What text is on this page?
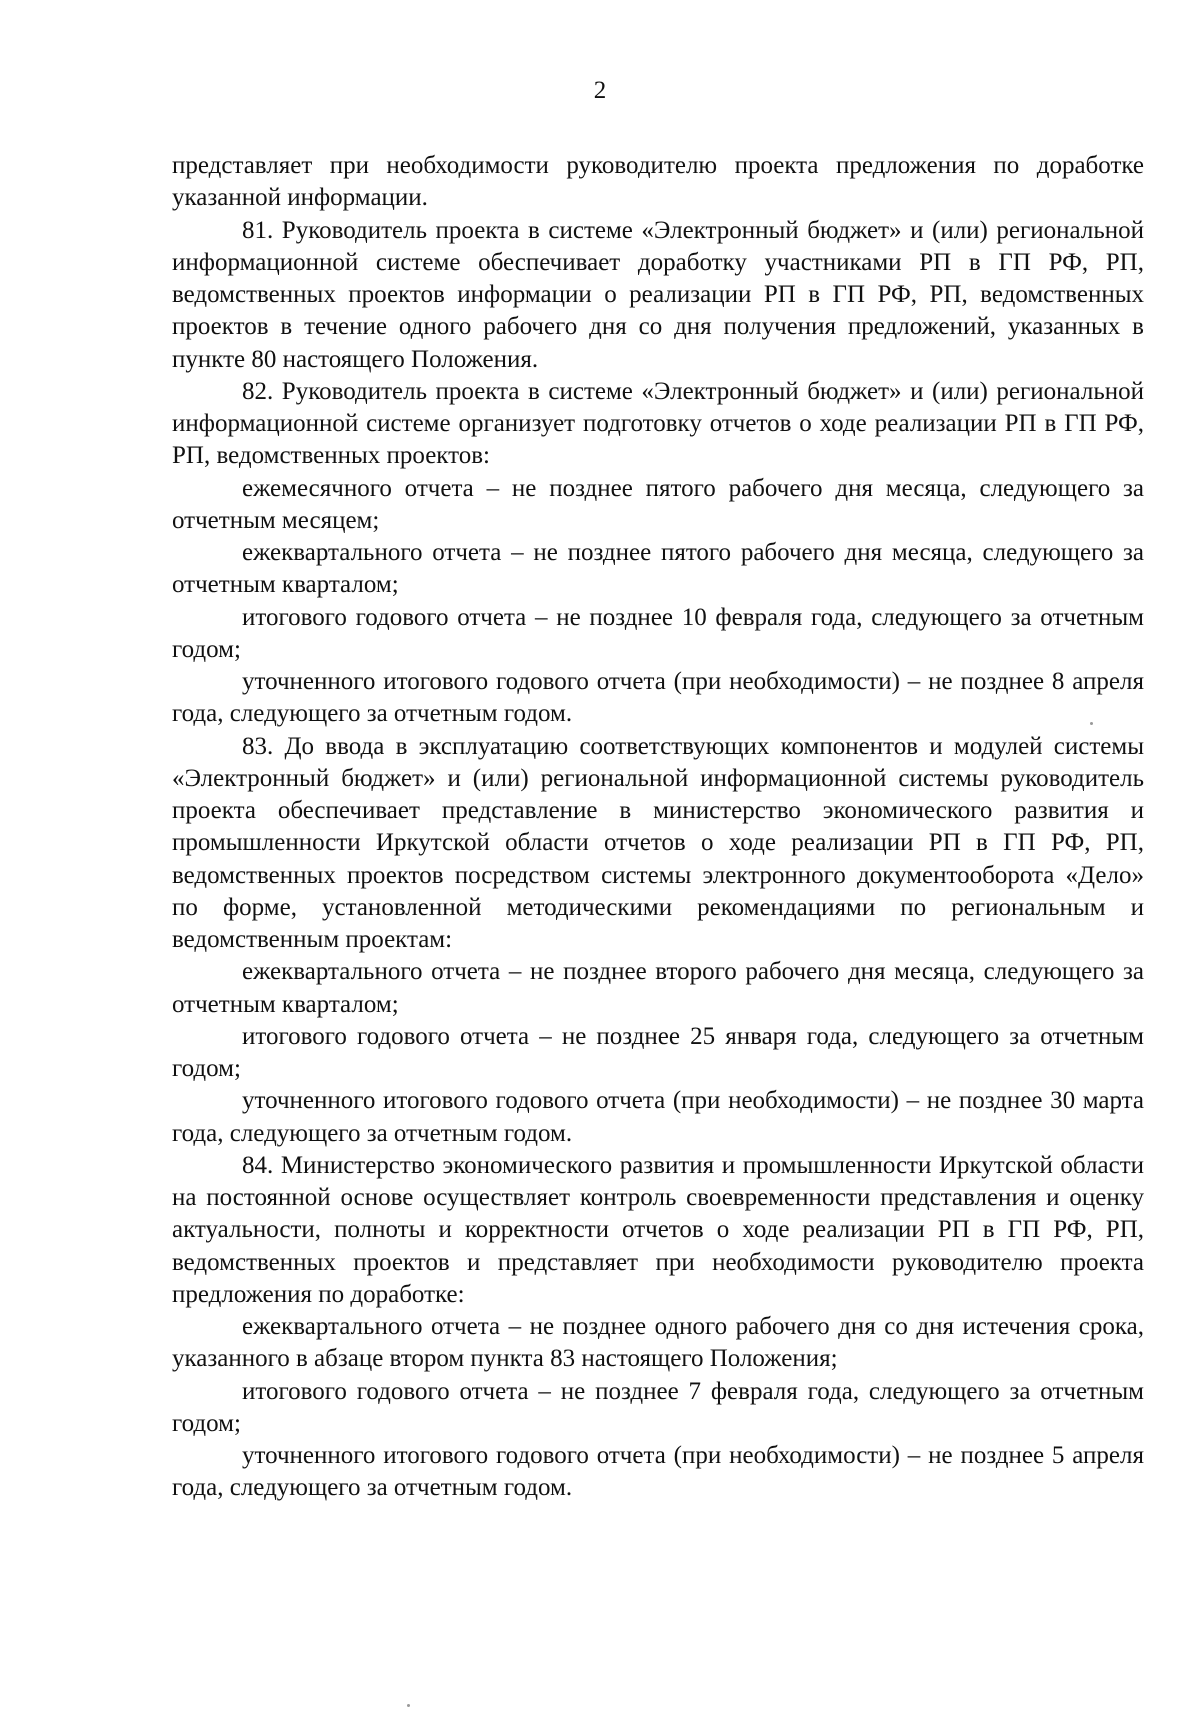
2

представляет при необходимости руководителю проекта предложения по доработке указанной информации.

81. Руководитель проекта в системе «Электронный бюджет» и (или) региональной информационной системе обеспечивает доработку участниками РП в ГП РФ, РП, ведомственных проектов информации о реализации РП в ГП РФ, РП, ведомственных проектов в течение одного рабочего дня со дня получения предложений, указанных в пункте 80 настоящего Положения.

82. Руководитель проекта в системе «Электронный бюджет» и (или) региональной информационной системе организует подготовку отчетов о ходе реализации РП в ГП РФ, РП, ведомственных проектов:

ежемесячного отчета – не позднее пятого рабочего дня месяца, следующего за отчетным месяцем;

ежеквартального отчета – не позднее пятого рабочего дня месяца, следующего за отчетным кварталом;

итогового годового отчета – не позднее 10 февраля года, следующего за отчетным годом;

уточненного итогового годового отчета (при необходимости) – не позднее 8 апреля года, следующего за отчетным годом.

83. До ввода в эксплуатацию соответствующих компонентов и модулей системы «Электронный бюджет» и (или) региональной информационной системы руководитель проекта обеспечивает представление в министерство экономического развития и промышленности Иркутской области отчетов о ходе реализации РП в ГП РФ, РП, ведомственных проектов посредством системы электронного документооборота «Дело» по форме, установленной методическими рекомендациями по региональным и ведомственным проектам:

ежеквартального отчета – не позднее второго рабочего дня месяца, следующего за отчетным кварталом;

итогового годового отчета – не позднее 25 января года, следующего за отчетным годом;

уточненного итогового годового отчета (при необходимости) – не позднее 30 марта года, следующего за отчетным годом.

84. Министерство экономического развития и промышленности Иркутской области на постоянной основе осуществляет контроль своевременности представления и оценку актуальности, полноты и корректности отчетов о ходе реализации РП в ГП РФ, РП, ведомственных проектов и представляет при необходимости руководителю проекта предложения по доработке:

ежеквартального отчета – не позднее одного рабочего дня со дня истечения срока, указанного в абзаце втором пункта 83 настоящего Положения;

итогового годового отчета – не позднее 7 февраля года, следующего за отчетным годом;

уточненного итогового годового отчета (при необходимости) – не позднее 5 апреля года, следующего за отчетным годом.
